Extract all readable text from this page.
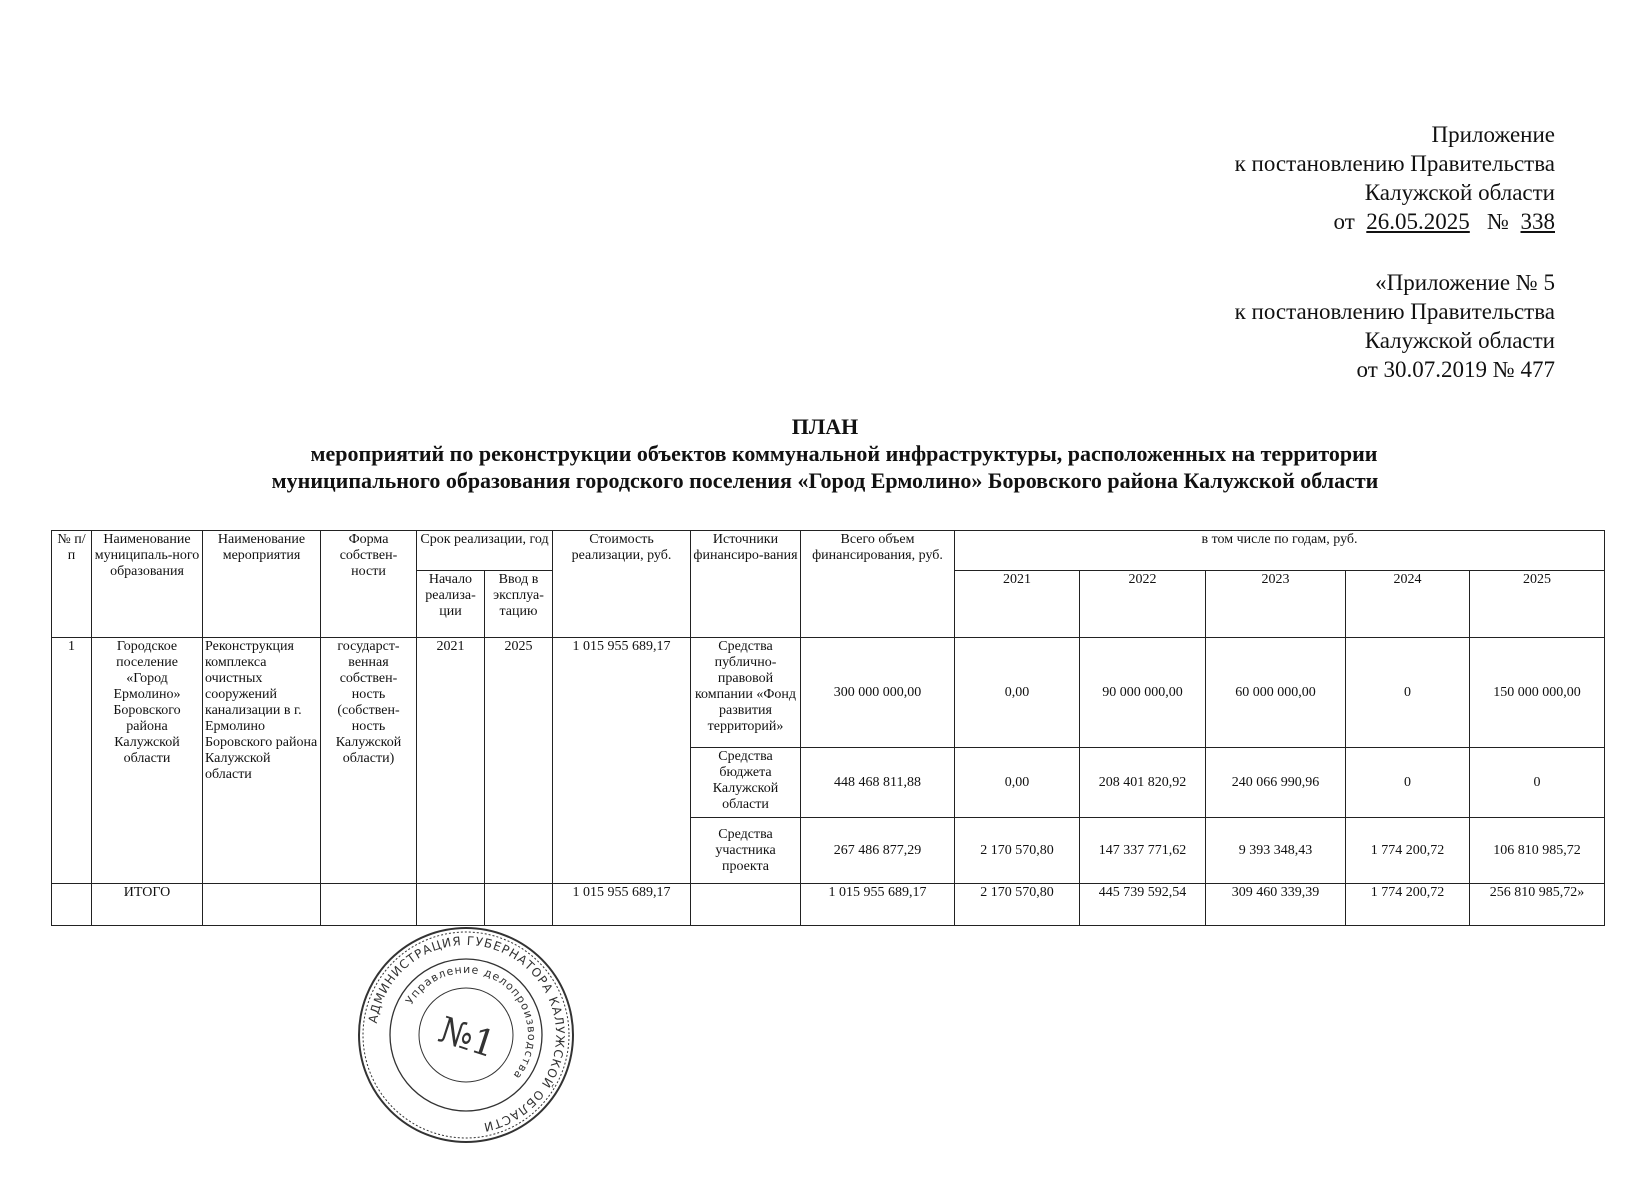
Приложение
к постановлению Правительства
Калужской области
от 26.05.2025 № 338
«Приложение № 5
к постановлению Правительства
Калужской области
от 30.07.2019 № 477
ПЛАН
мероприятий по реконструкции объектов коммунальной инфраструктуры, расположенных на территории
муниципального образования городского поселения «Город Ермолино» Боровского района Калужской области
№ п/п	Наименование муниципаль-ного образования	Наименование мероприятия	Форма собствен-ности	Срок реализации, год		Стоимость реализации, руб.	Источники финансиро-вания	Всего объем финансирования, руб.	в том числе по годам, руб.				
				Начало реализа-ции	Ввод в эксплуа-тацию				2021	2022	2023	2024	2025
1	Городское поселение «Город Ермолино» Боровского района Калужской области	Реконструкция комплекса очистных сооружений канализации в г. Ермолино Боровского района Калужской области	государст-венная собствен-ность (собствен-ность Калужской области)	2021	2025	1 015 955 689,17	Средства публично-правовой компании «Фонд развития территорий»	300 000 000,00	0,00	90 000 000,00	60 000 000,00	0	150 000 000,00
							Средства бюджета Калужской области	448 468 811,88	0,00	208 401 820,92	240 066 990,96	0	0
							Средства участника проекта	267 486 877,29	2 170 570,80	147 337 771,62	9 393 348,43	1 774 200,72	106 810 985,72
	ИТОГО					1 015 955 689,17		1 015 955 689,17	2 170 570,80	445 739 592,54	309 460 339,39	1 774 200,72	256 810 985,72»
АДМИНИСТРАЦИЯ ГУБЕРНАТОРА КАЛУЖСКОЙ ОБЛАСТИ
Управление делопроизводства
№1
